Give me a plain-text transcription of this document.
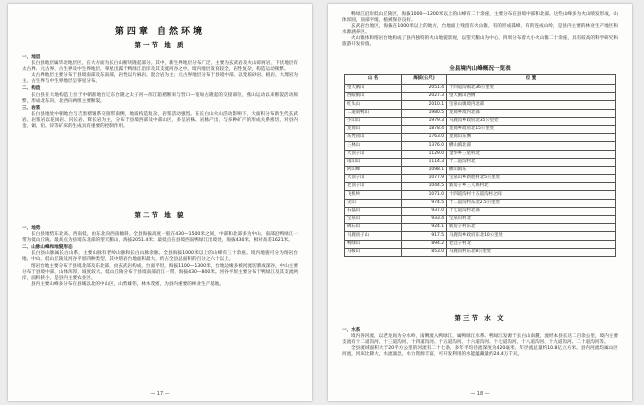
第四章 自然环境
第一节 地 质

一、地层

长白县地层属华北地层区，在大方面为长白山断块隆起部分。其中，新生界地层分布广泛，主要为玄武岩及火山碎屑岩，下伏地层有太古界、元古界、古生界及中生界地层，零星出露于鸭绿江沿岸及其支流河谷之中。境内地层发育较全，岩性复杂，构造运动频繁。

太古界地层主要分布于县境南部及东南部，岩性以片麻岩、混合岩为主；元古界地层分布于县境中部，以变质砂岩、板岩、大理岩为主。古生界与中生界地层呈零星分布。

二、构造

长白县在大地构造上位于中朝准地台辽东台隆之太子河—浑江陷褶断束与营口—宽甸古隆起的交接部位，燕山运动以来断裂活动频繁，形成北东向、北西向两组主要断裂。

三、岩浆

长白县地处中朝地台与吉黑褶皱系交接带南侧，地质构造复杂，岩浆活动强烈。在长白山火山活动影响下，大面积分布新生代玄武岩。岩浆岩以花岗岩、闪长岩、辉长岩为主，分布于县境西部及中部山区，多呈岩株、岩脉产出，与多种矿产的形成关系密切，对县内金、铜、铅、锌等矿床的生成具有重要的控制作用。

第二节 地 貌

一、地势

长白县地势东北高、西南低，由东北向西南倾斜。全县海拔高度一般在430—1500米之间，中部和北部多为中山，南部沿鸭绿江一带为低山丘陵。最高点为县境东北部的望天鹅山，海拔2051.4米；最低点在县境西南鸭绿江出境处，海拔430米，相对高差1621米。

二、山脉山峰和地貌形态

长白县山脉属长白山系，主要山脉有老岭山脉和长白山脉余脉。全县海拔1000米以上的山峰有三十余座。境内地貌可分为熔岩台地、中山、低山丘陵及河谷平原四种类型，其中熔岩台地面积最大，约占全县总面积的百分之六十以上。

熔岩台地主要分布于县境北部及东北部，由玄武岩构成，台面平坦，海拔1100—1300米，台地边缘多被河流切割成深谷。中山主要分布于县境中部，山体浑厚，坡度较大。低山丘陵分布于县境南部沿江一带，海拔430—800米。河谷平原主要分布于鸭绿江及其支流两岸，面积狭小，是县内主要农业区。

县内主要山峰多分布在县城以北的中山区，山势雄伟，林木茂密，为县内重要的林业生产基地。

— 17 —

鸭绿江沿岸低山丘陵区，海拔1000—1200米以上的山峰有二十余座，主要分布在县境中部和北部。这些山峰多为火山喷发形成，山体浑圆，顶部平缓，植被保存良好。

玄武岩台地区，海拔在1000米以上的地方，台地面上残留有火山锥，有的形成孤峰，有的连成山岭，是县内主要的林业生产地区和水源涵养区。

火山锥体和熔岩台地构成了县内独特的火山地貌景观，以望天鹅山为中心，四周分布着大小火山锥二十余座，具有较高的科学研究和旅游开发价值。

全县境内山峰概况一览表
山 名	海拔(公尺)	位 置
望天鹅山	2051.4	十四道沟镇北36公里处
西眼鹤山	2027.3	望天鹅山西侧
红头山	2010.1	宝泉山镇境内北部
二道雨鸭山	1980.5	龙岗乡境内北部
小山山	1979.3	马鹿沟乡政府北35公里处
龙岗山	1878.4	龙岗乡政府北15公里处
东秃顶山	1763.0	龙岗山东侧
三林山	1376.0	横山镇北部
大顶子山	1129.0	金华乡三星村北
南山山	1114.3	十二道沟村北
阿山峰	1098.1	横山镇东
大顶子山	1077.9	宝泉山乡新胜村北5公里处
老顶子山	1044.5	新房子乡三人班村北
飞机岭	1071.0	十四道沟村十五道沟村之间
尖山	974.5	十二道沟村东北2.5公里处
石磊山	937.0	十七道沟村北部
宝泉山	933.4	宝泉山村北
碑石山	924.1	新房子村东北
马鹿顶子山	917.5	马鹿沟乡政府东北10公里处
鸭绿山	894.2	老洼子村北
马鞍山	853.0	马鹿沟村东北8公里处
第三节 水 文

一、水系

境内各河流，以老龙岗为分水岭，南侧流入鸭绿江，属鸭绿江水系。鸭绿江发源于长白山南麓，流经本县长达二百余公里，境内主要支流有十二道沟河、十三道沟河、十四道沟河、十五道沟河、十六道沟河、十七道沟河、十八道沟河、十九道沟河、二十道沟河等。

全县流域面积大于20平方公里的河流有二十七条，多年平均径流深度为420毫米，年径流总量约10.8亿立方米。县内河流均属山区河流，河床比降大，水流湍急，水力资源丰富，可开发利用的水能蕴藏量约24.4万千瓦。

— 18 —
